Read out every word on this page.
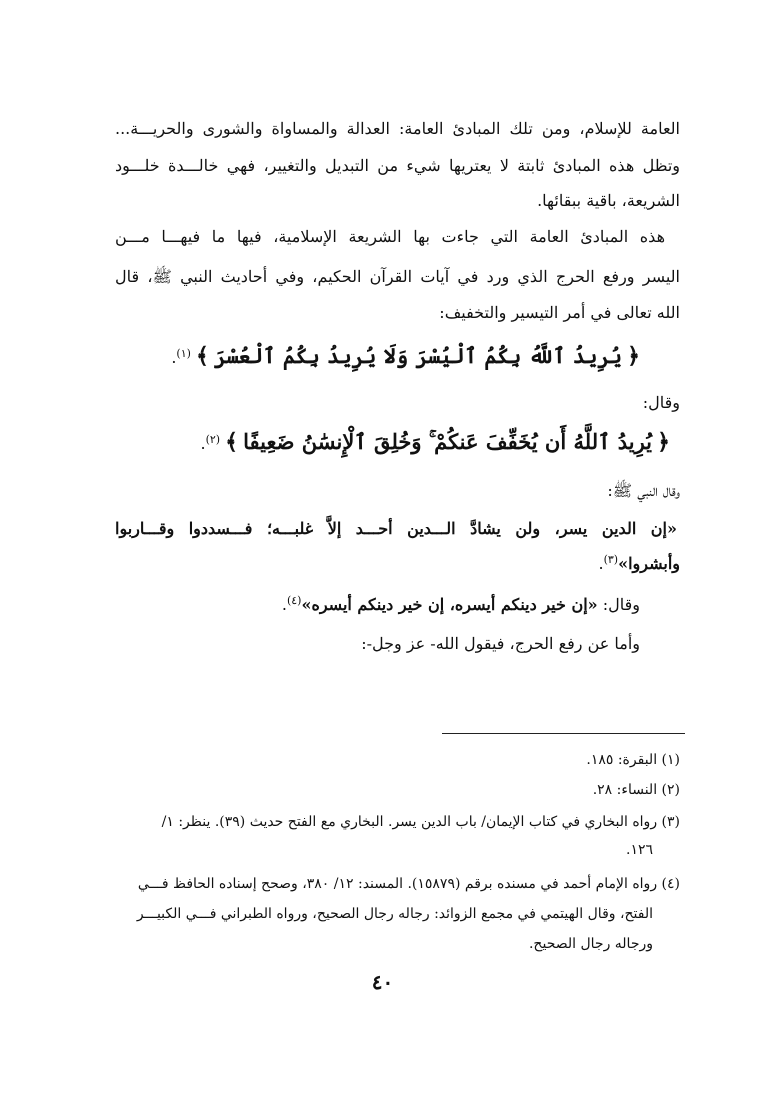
العامة للإسلام، ومن تلك المبادئ العامة: العدالة والمساواة والشورى والحريـــة...
وتظل هذه المبادئ ثابتة لا يعتريها شيء من التبديل والتغيير، فهي خالـــدة خلـــود
الشريعة، باقية ببقائها.
هذه المبادئ العامة التي جاءت بها الشريعة الإسلامية، فيها ما فيهـــا مـــن
اليسر ورفع الحرج الذي ورد في آيات القرآن الحكيم، وفي أحاديث النبي ﷺ، قال
الله تعالى في أمر التيسير والتخفيف:
﴿ يُرِيدُ ٱللَّهُ بِكُمُ ٱلْيُسْرَ وَلَا يُرِيدُ بِكُمُ ٱلْعُسْرَ ﴾ $^{(١)}$.
وقال:
﴿ يُرِيدُ ٱللَّهُ أَن يُخَفِّفَ عَنكُمْ ۚ وَخُلِقَ ٱلْإِنسَٰنُ ضَعِيفًا ﴾ $^{(٢)}$.
وقال النبي ﷺ:
«إن الدين يسر، ولن يشادَّ الـــدين أحـــد إلاَّ غلبـــه؛ فـــسددوا وقـــاربوا
وأبشروا»$^{(٣)}$.
وقال: «إن خير دينكم أيسره، إن خير دينكم أيسره»$^{(٤)}$.
وأما عن رفع الحرج، فيقول الله- عز وجل-:
(١) البقرة: ١٨٥.
(٢) النساء: ٢٨.
(٣) رواه البخاري في كتاب الإيمان/ باب الدين يسر. البخاري مع الفتح حديث (٣٩). ينظر: ١/
١٢٦.
(٤) رواه الإمام أحمد في مسنده برقم (١٥٨٧٩). المسند: ١٢/ ٣٨٠، وصحح إسناده الحافظ فـــي
الفتح، وقال الهيتمي في مجمع الزوائد: رجاله رجال الصحيح، ورواه الطبراني فـــي الكبيـــر
ورجاله رجال الصحيح.
٤٠
